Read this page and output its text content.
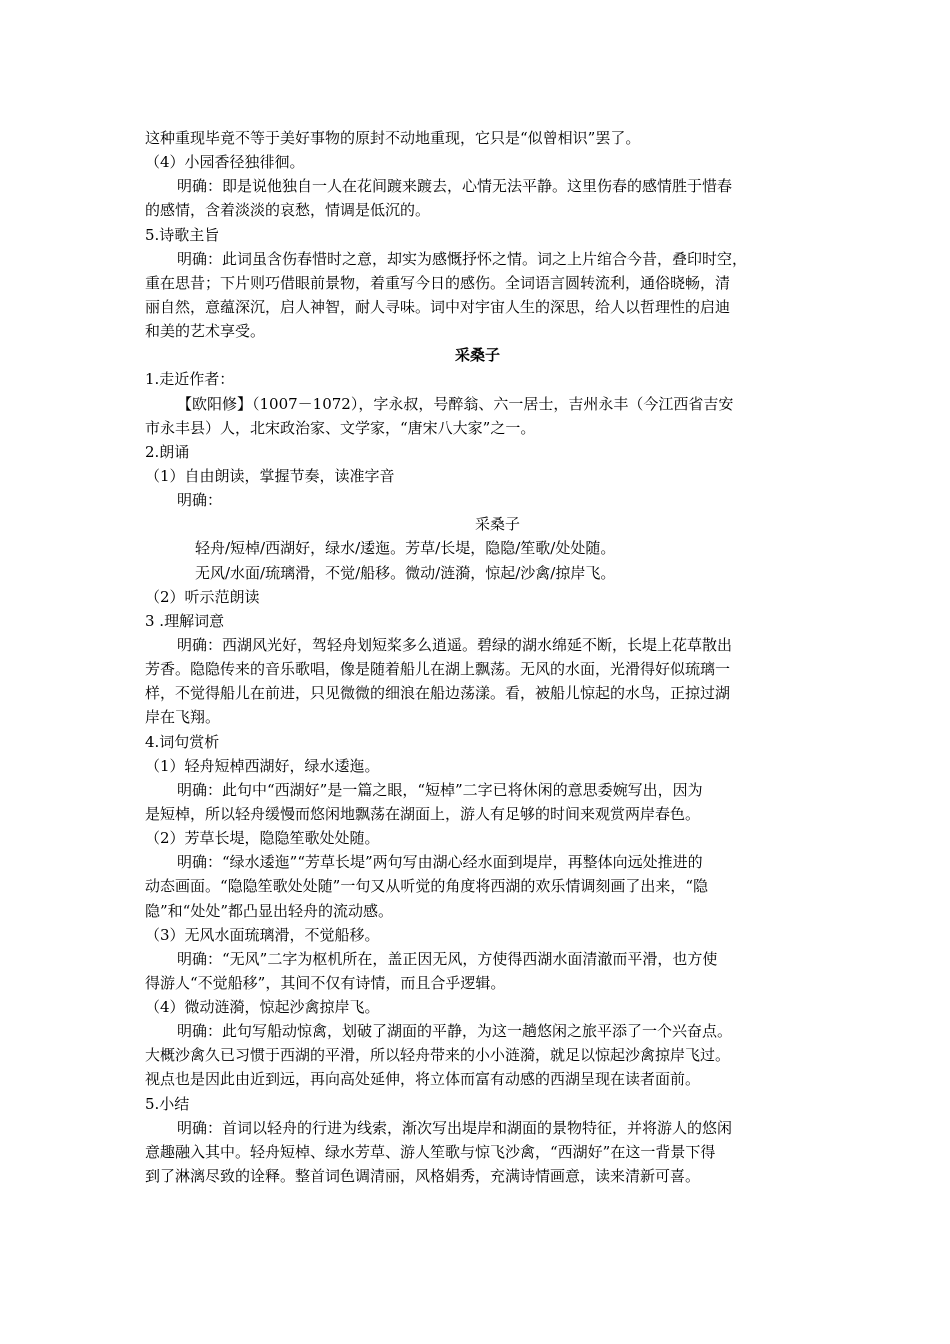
这种重现毕竟不等于美好事物的原封不动地重现，它只是“似曾相识”罢了。
（4）小园香径独徘徊。
明确：即是说他独自一人在花间踱来踱去，心情无法平静。这里伤春的感情胜于惜春
的感情，含着淡淡的哀愁，情调是低沉的。
5.诗歌主旨
明确：此词虽含伤春惜时之意，却实为感慨抒怀之情。词之上片绾合今昔，叠印时空，
重在思昔；下片则巧借眼前景物，着重写今日的感伤。全词语言圆转流利，通俗晓畅，清
丽自然，意蕴深沉，启人神智，耐人寻味。词中对宇宙人生的深思，给人以哲理性的启迪
和美的艺术享受。
采桑子
1.走近作者：
【欧阳修】（1007－1072），字永叔，号醉翁、六一居士，吉州永丰（今江西省吉安
市永丰县）人，北宋政治家、文学家，“唐宋八大家”之一。
2.朗诵
（1）自由朗读，掌握节奏，读准字音
明确：
采桑子
轻舟/短棹/西湖好，绿水/逶迤。芳草/长堤，隐隐/笙歌/处处随。
无风/水面/琉璃滑，不觉/船移。微动/涟漪，惊起/沙禽/掠岸飞。
（2）听示范朗读
3 .理解词意
明确：西湖风光好，驾轻舟划短桨多么逍遥。碧绿的湖水绵延不断，长堤上花草散出
芳香。隐隐传来的音乐歌唱，像是随着船儿在湖上飘荡。无风的水面，光滑得好似琉璃一
样，不觉得船儿在前进，只见微微的细浪在船边荡漾。看，被船儿惊起的水鸟，正掠过湖
岸在飞翔。
4.词句赏析
（1）轻舟短棹西湖好，绿水逶迤。
明确：此句中“西湖好”是一篇之眼，“短棹”二字已将休闲的意思委婉写出，因为
是短棹，所以轻舟缓慢而悠闲地飘荡在湖面上，游人有足够的时间来观赏两岸春色。
（2）芳草长堤，隐隐笙歌处处随。
明确：“绿水逶迤”“芳草长堤”两句写由湖心经水面到堤岸，再整体向远处推进的
动态画面。“隐隐笙歌处处随”一句又从听觉的角度将西湖的欢乐情调刻画了出来，“隐
隐”和“处处”都凸显出轻舟的流动感。
（3）无风水面琉璃滑，不觉船移。
明确：“无风”二字为枢机所在，盖正因无风，方使得西湖水面清澈而平滑，也方使
得游人“不觉船移”，其间不仅有诗情，而且合乎逻辑。
（4）微动涟漪，惊起沙禽掠岸飞。
明确：此句写船动惊禽，划破了湖面的平静，为这一趟悠闲之旅平添了一个兴奋点。
大概沙禽久已习惯于西湖的平滑，所以轻舟带来的小小涟漪，就足以惊起沙禽掠岸飞过。
视点也是因此由近到远，再向高处延伸，将立体而富有动感的西湖呈现在读者面前。
5.小结
明确：首词以轻舟的行进为线索，渐次写出堤岸和湖面的景物特征，并将游人的悠闲
意趣融入其中。轻舟短棹、绿水芳草、游人笙歌与惊飞沙禽，“西湖好”在这一背景下得
到了淋漓尽致的诠释。整首词色调清丽，风格娟秀，充满诗情画意，读来清新可喜。
